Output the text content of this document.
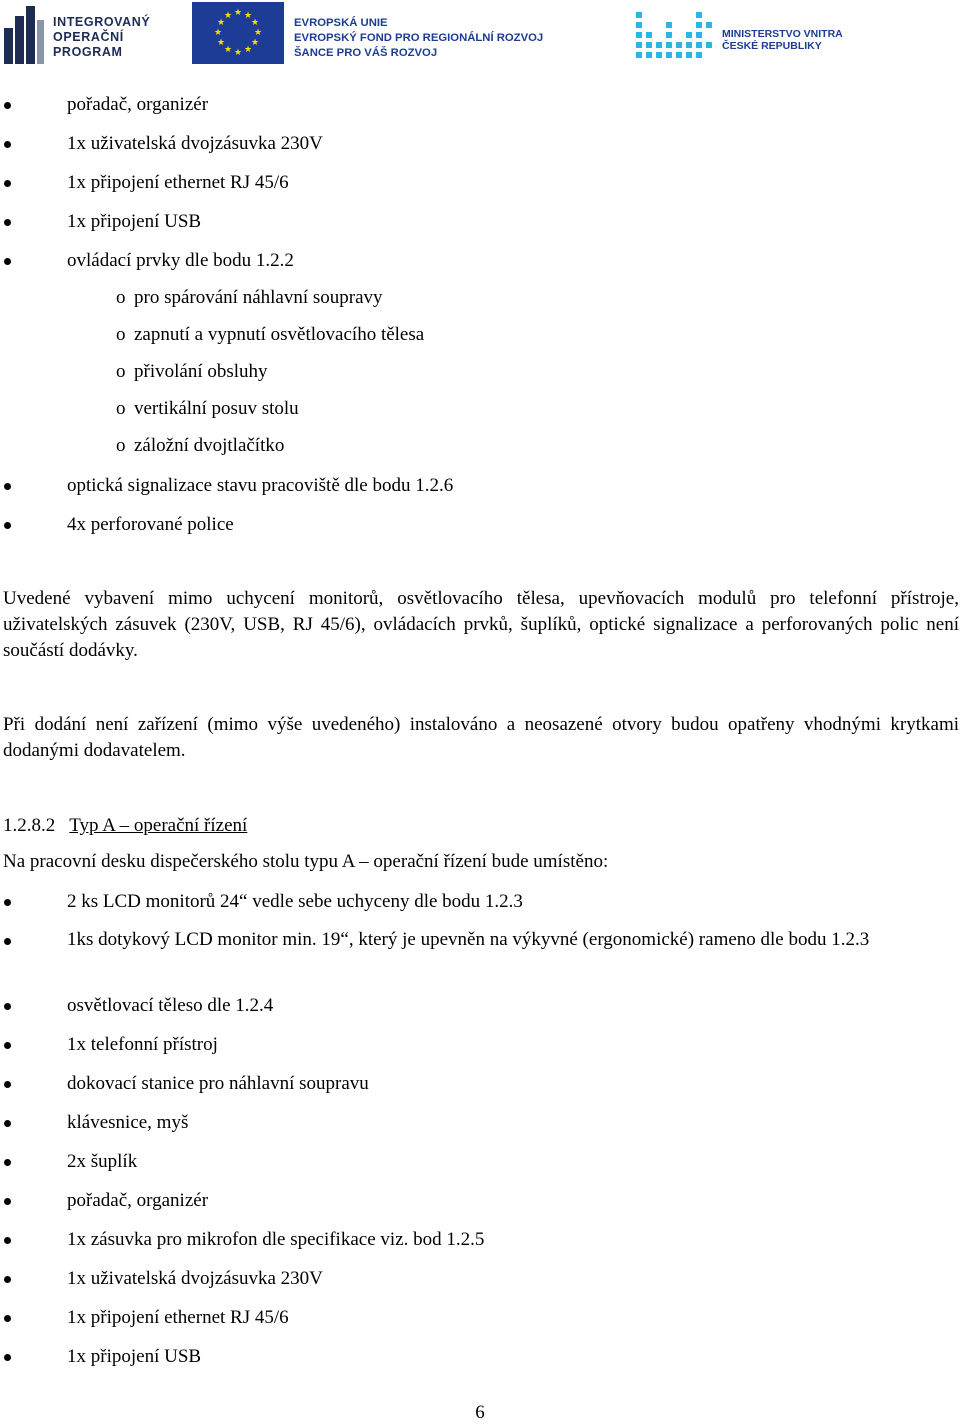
INTEGROVANÝ
OPERAČNÍ
PROGRAM
★ ★
★
★
★
★
★
★
★
★
★
★
EVROPSKÁ UNIE
EVROPSKÝ FOND PRO REGIONÁLNÍ ROZVOJ
ŠANCE PRO VÁŠ ROZVOJ
MINISTERSTVO VNITRA
ČESKÉ REPUBLIKY
pořadač, organizér
1x uživatelská dvojzásuvka 230V
1x připojení ethernet RJ 45/6
1x připojení USB
ovládací prvky dle bodu 1.2.2
o pro spárování náhlavní soupravy
o zapnutí a vypnutí osvětlovacího tělesa
o přivolání obsluhy
o vertikální posuv stolu
o záložní dvojtlačítko
optická signalizace stavu pracoviště dle bodu 1.2.6
4x perforované police
Uvedené vybavení mimo uchycení monitorů, osvětlovacího tělesa, upevňovacích modulů pro telefonní přístroje, uživatelských zásuvek (230V, USB, RJ 45/6), ovládacích prvků, šuplíků, optické signalizace a perforovaných polic není součástí dodávky.
Při dodání není zařízení (mimo výše uvedeného) instalováno a neosazené otvory budou opatřeny vhodnými krytkami dodanými dodavatelem.
1.2.8.2 Typ A – operační řízení
Na pracovní desku dispečerského stolu typu A – operační řízení bude umístěno:
2 ks LCD monitorů 24“ vedle sebe uchyceny dle bodu 1.2.3
1ks dotykový LCD monitor min. 19“, který je upevněn na výkyvné (ergonomické) rameno dle bodu 1.2.3
osvětlovací těleso dle 1.2.4
1x telefonní přístroj
dokovací stanice pro náhlavní soupravu
klávesnice, myš
2x šuplík
pořadač, organizér
1x zásuvka pro mikrofon dle specifikace viz. bod 1.2.5
1x uživatelská dvojzásuvka 230V
1x připojení ethernet RJ 45/6
1x připojení USB
6
